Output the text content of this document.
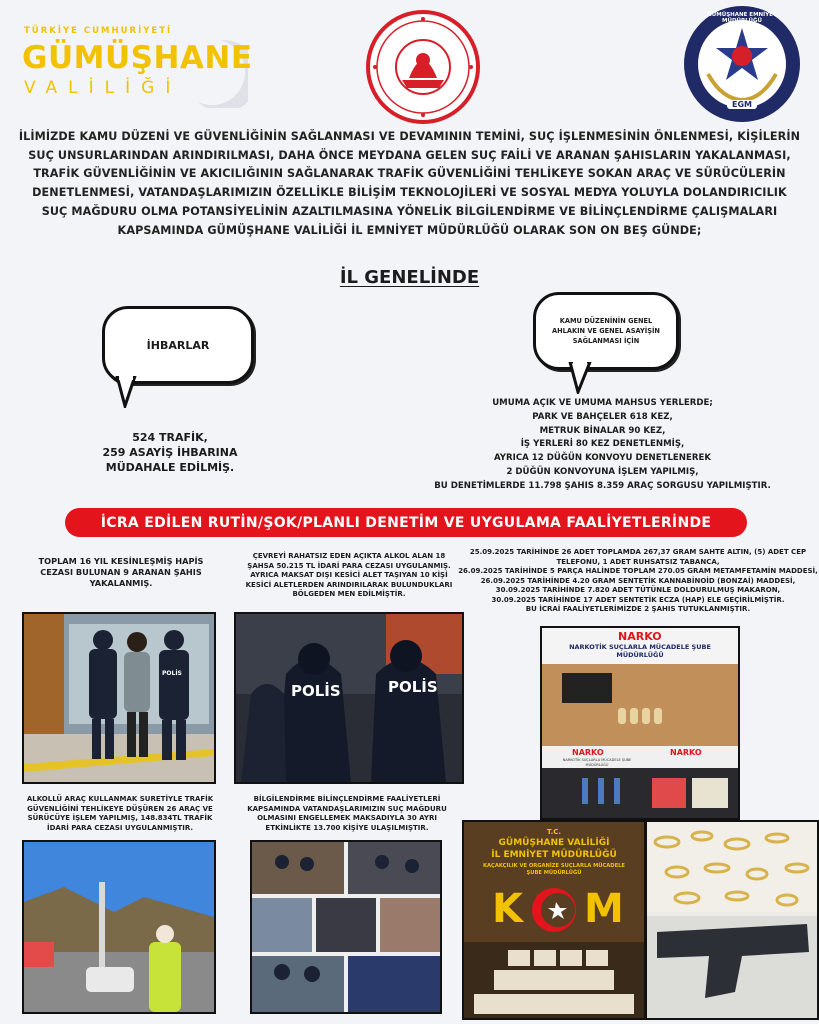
TÜRKİYE CUMHURİYETİ
GÜMÜŞHANE
VALİLİĞİ
GÜMÜŞHANE EMNİYET MÜDÜRLÜĞÜ
EGM
İLİMİZDE KAMU DÜZENİ VE GÜVENLİĞİNİN SAĞLANMASI VE DEVAMININ TEMİNİ, SUÇ İŞLENMESİNİN ÖNLENMESİ, KİŞİLERİN SUÇ UNSURLARINDAN ARINDIRILMASI, DAHA ÖNCE MEYDANA GELEN SUÇ FAİLİ VE ARANAN ŞAHISLARIN YAKALANMASI, TRAFİK GÜVENLİĞİNİN VE AKICILIĞININ SAĞLANARAK TRAFİK GÜVENLİĞİNİ TEHLİKEYE SOKAN ARAÇ VE SÜRÜCÜLERİN DENETLENMESİ, VATANDAŞLARIMIZIN ÖZELLİKLE BİLİŞİM TEKNOLOJİLERİ VE SOSYAL MEDYA YOLUYLA DOLANDIRICILIK SUÇ MAĞDURU OLMA POTANSİYELİNİN AZALTILMASINA YÖNELİK BİLGİLENDİRME VE BİLİNÇLENDİRME ÇALIŞMALARI KAPSAMINDA GÜMÜŞHANE VALİLİĞİ İL EMNİYET MÜDÜRLÜĞÜ OLARAK SON ON BEŞ GÜNDE;
İL GENELİNDE
İHBARLAR
KAMU DÜZENİNİN GENEL AHLAKIN VE GENEL ASAYİŞİN SAĞLANMASI İÇİN
524 TRAFİK,
259 ASAYİŞ İHBARINA
MÜDAHALE EDİLMİŞ.
UMUMA AÇIK VE UMUMA MAHSUS YERLERDE;
PARK VE BAHÇELER 618 KEZ,
METRUK BİNALAR 90 KEZ,
İŞ YERLERİ 80 KEZ DENETLENMİŞ,
AYRICA 12 DÜĞÜN KONVOYU DENETLENEREK
2 DÜĞÜN KONVOYUNA İŞLEM YAPILMIŞ,
BU DENETİMLERDE 11.798 ŞAHIS 8.359 ARAÇ SORGUSU YAPILMIŞTIR.
İCRA EDİLEN RUTİN/ŞOK/PLANLI DENETİM VE UYGULAMA FAALİYETLERİNDE
TOPLAM 16 YIL KESİNLEŞMİŞ HAPİS CEZASI BULUNAN 9 ARANAN ŞAHIS YAKALANMIŞ.
ÇEVREYİ RAHATSIZ EDEN AÇIKTA ALKOL ALAN 18 ŞAHSA 50.215 TL İDARİ PARA CEZASI UYGULANMIŞ. AYRICA MAKSAT DIŞI KESİCİ ALET TAŞIYAN 10 KİŞİ KESİCİ ALETLERDEN ARINDIRILARAK BULUNDUKLARI BÖLGEDEN MEN EDİLMİŞTİR.
25.09.2025 TARİHİNDE 26 ADET TOPLAMDA 267,37 GRAM SAHTE ALTIN, (5) ADET CEP TELEFONU, 1 ADET RUHSATSIZ TABANCA,
26.09.2025 TARİHİNDE 5 PARÇA HALİNDE TOPLAM 270.05 GRAM METAMFETAMİN MADDESİ,
26.09.2025 TARİHİNDE 4.20 GRAM SENTETİK KANNABİNOİD (BONZAİ) MADDESİ,
30.09.2025 TARİHİNDE 7.820 ADET TÜTÜNLE DOLDURULMUŞ MAKARON,
30.09.2025 TARİHİNDE 17 ADET SENTETİK ECZA (HAP) ELE GEÇİRİLMİŞTİR.
BU İCRAİ FAALİYETLERİMİZDE 2 ŞAHIS TUTUKLANMIŞTIR.
POLİS
POLİS	POLİS
NARKO
NARKOTİK SUÇLARLA MÜCADELE ŞUBE MÜDÜRLÜĞÜ
NARKO	NARKO
NARKOTİK SUÇLARLA MÜCADELE ŞUBE MÜDÜRLÜĞÜ
ALKOLLÜ ARAÇ KULLANMAK SURETİYLE TRAFİK GÜVENLİĞİNİ TEHLİKEYE DÜŞÜREN 26 ARAÇ VE SÜRÜCÜYE İŞLEM YAPILMIŞ, 148.834TL TRAFİK İDARİ PARA CEZASI UYGULANMIŞTIR.
BİLGİLENDİRME BİLİNÇLENDİRME FAALİYETLERİ KAPSAMINDA VATANDAŞLARIMIZIN SUÇ MAĞDURU OLMASINI ENGELLEMEK MAKSADIYLA 30 AYRI ETKİNLİKTE 13.700 KİŞİYE ULAŞILMIŞTIR.
T.C.
GÜMÜŞHANE VALİLİĞİ
İL EMNİYET MÜDÜRLÜĞÜ
KAÇAKÇILIK VE ORGANİZE SUÇLARLA MÜCADELE ŞUBE MÜDÜRLÜĞÜ
K M
